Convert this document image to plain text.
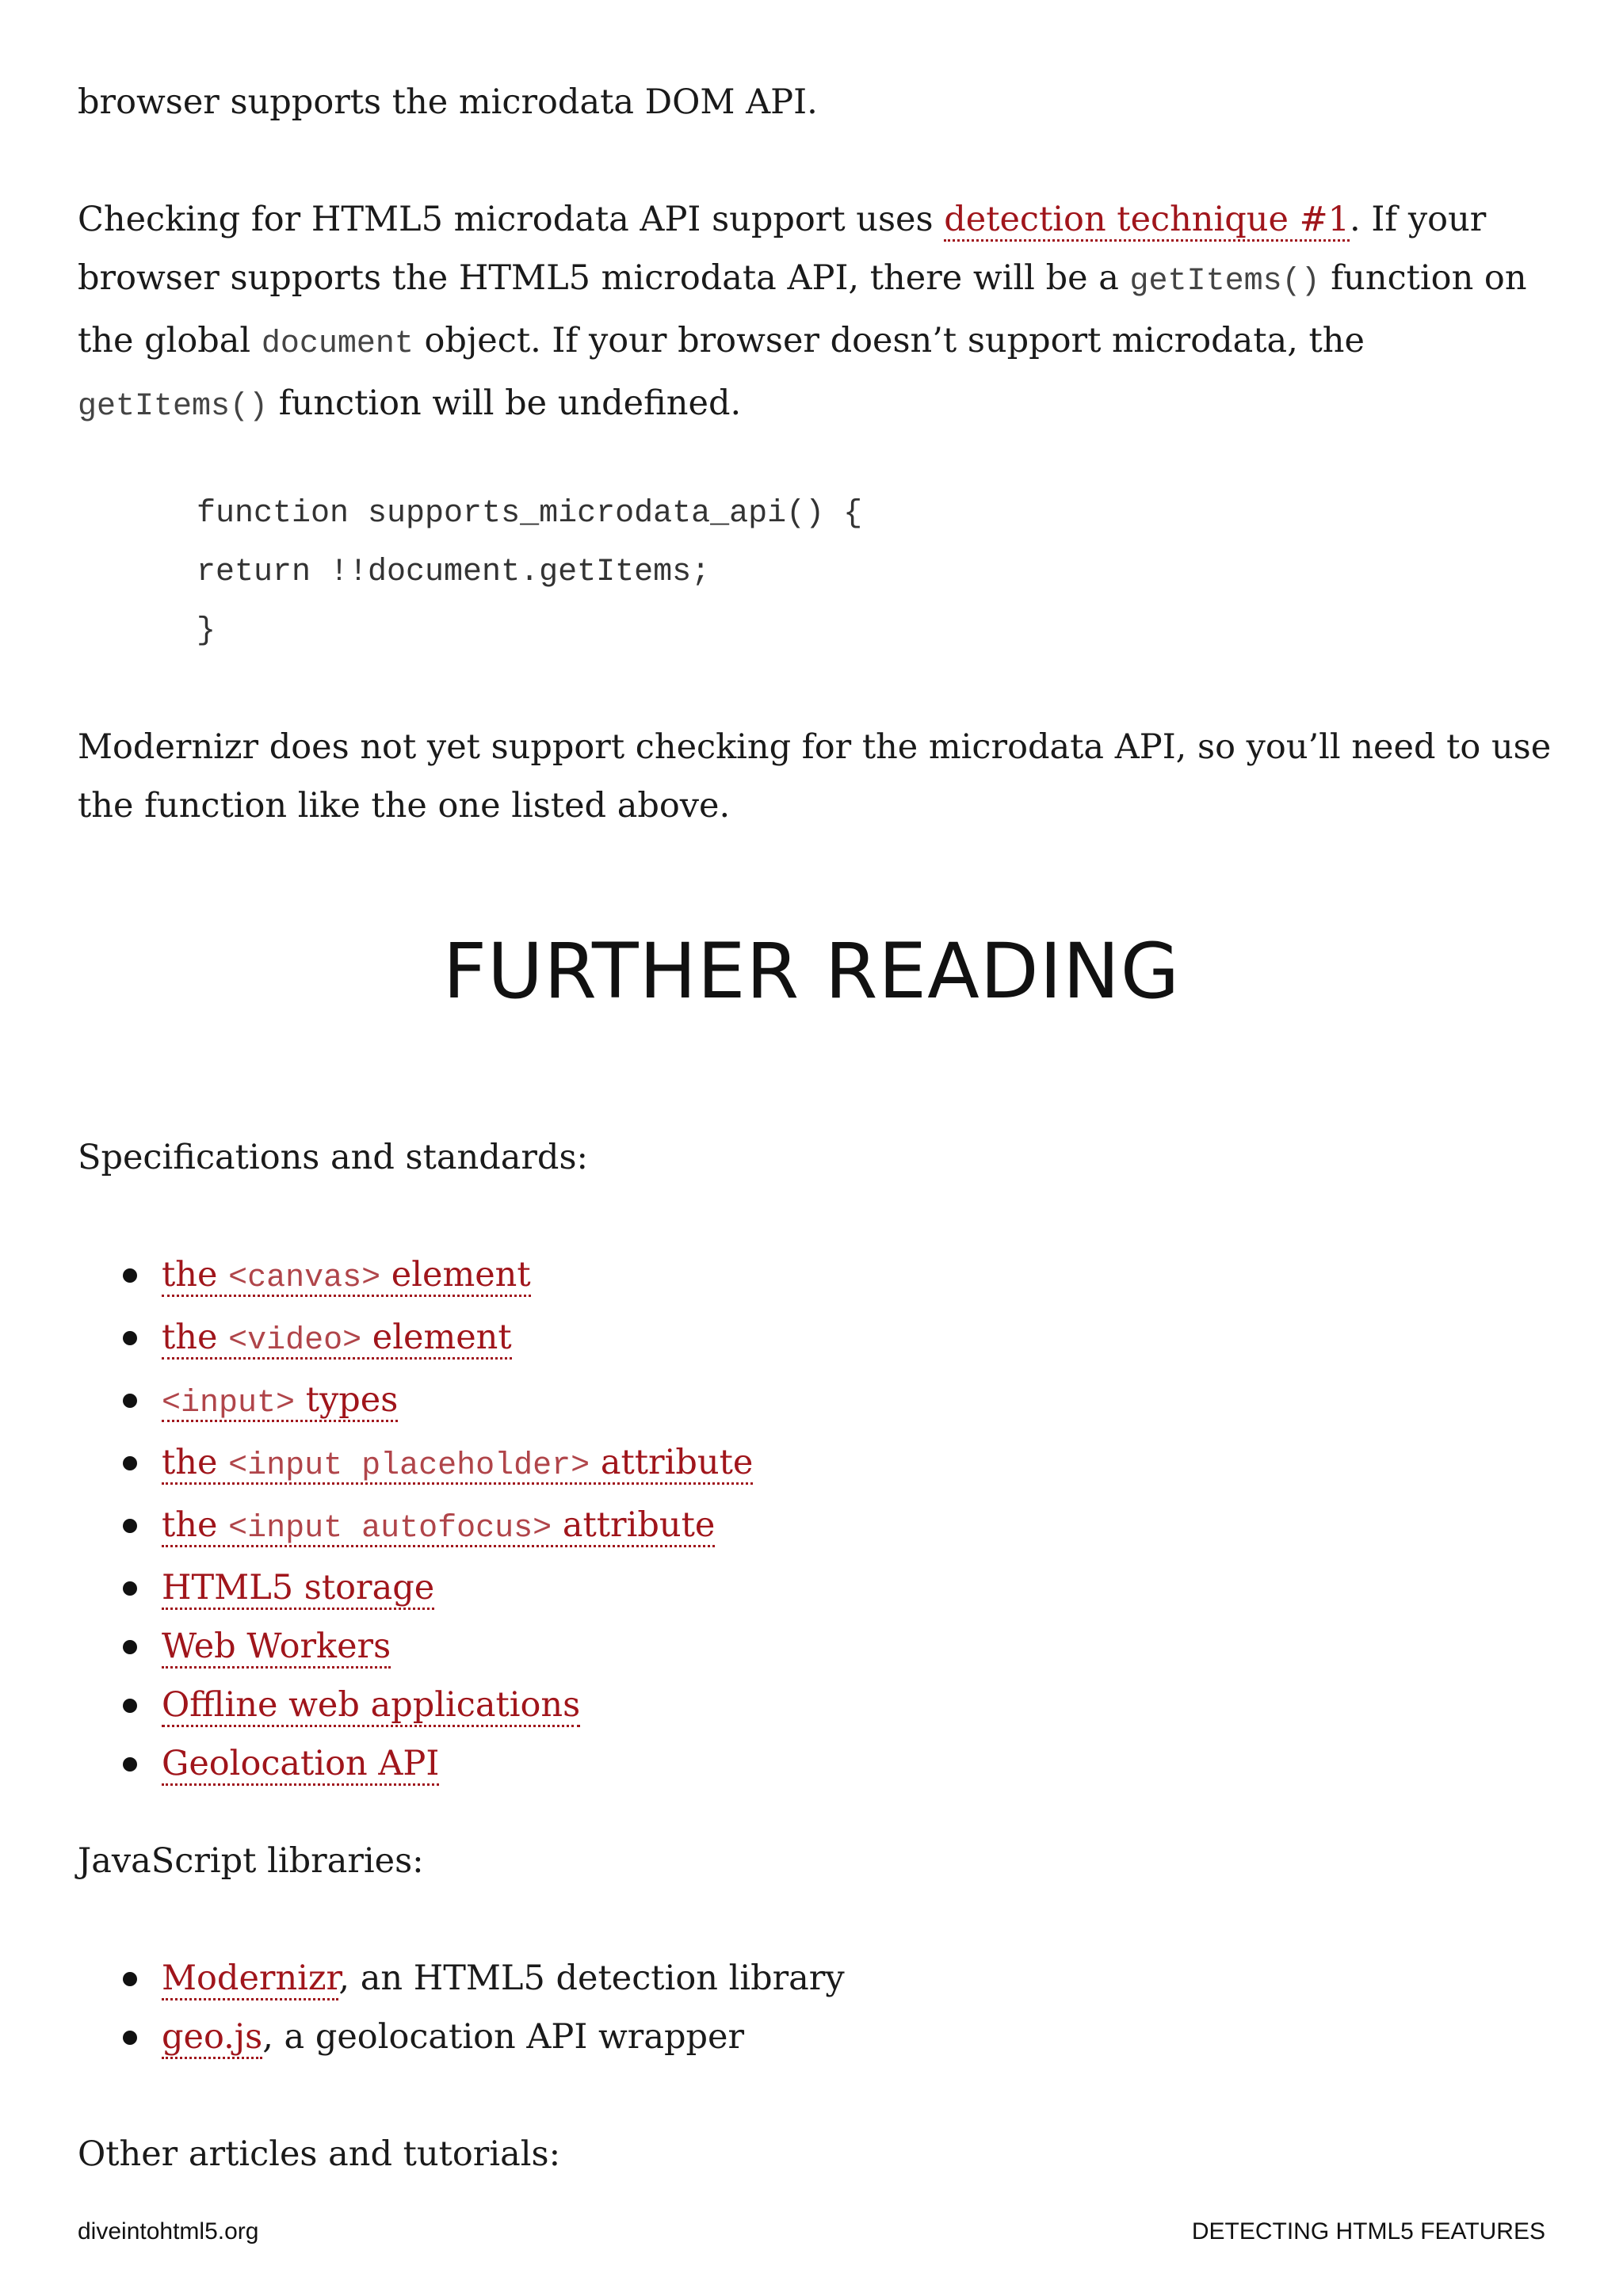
browser supports the microdata DOM API.

Checking for HTML5 microdata API support uses detection technique #1. If your browser supports the HTML5 microdata API, there will be a getItems() function on the global document object. If your browser doesn’t support microdata, the getItems() function will be undefined.

function supports_microdata_api() {
return !!document.getItems;
}

Modernizr does not yet support checking for the microdata API, so you’ll need to use the function like the one listed above.

Specifications and standards:

the <canvas> element
the <video> element
<input> types
the <input placeholder> attribute
the <input autofocus> attribute
HTML5 storage
Web Workers
Offline web applications
Geolocation API

JavaScript libraries:

Modernizr, an HTML5 detection library
geo.js, a geolocation API wrapper

Other articles and tutorials:

FURTHER READING
diveintohtml5.org	DETECTING HTML5 FEATURES
